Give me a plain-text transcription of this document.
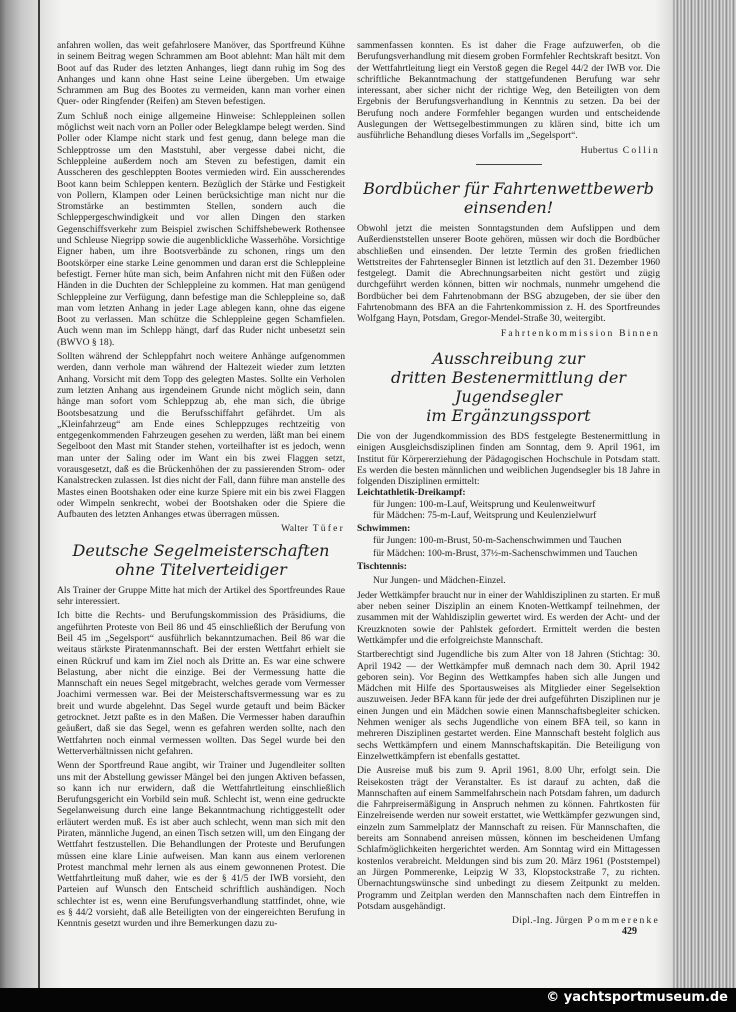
anfahren wollen, das weit gefahrlosere Manöver, das Sportfreund Kühne in seinem Beitrag wegen Schrammen am Boot ablehnt: Man hält mit dem Boot auf das Ruder des letzten Anhanges, liegt dann ruhig im Sog des Anhanges und kann ohne Hast seine Leine übergeben. Um etwaige Schrammen am Bug des Bootes zu vermeiden, kann man vorher einen Quer- oder Ringfender (Reifen) am Steven befestigen.

Zum Schluß noch einige allgemeine Hinweise: Schleppleinen sollen möglichst weit nach vorn an Poller oder Belegklampe belegt werden. Sind Poller oder Klampe nicht stark und fest genug, dann belege man die Schlepptrosse um den Maststuhl, aber vergesse dabei nicht, die Schleppleine außerdem noch am Steven zu befestigen, damit ein Ausscheren des geschleppten Bootes vermieden wird. Ein ausscherendes Boot kann beim Schleppen kentern. Bezüglich der Stärke und Festigkeit von Pollern, Klampen oder Leinen berücksichtige man nicht nur die Stromstärke an bestimmten Stellen, sondern auch die Schleppergeschwindigkeit und vor allen Dingen den starken Gegenschiffsverkehr zum Beispiel zwischen Schiffshebewerk Rothensee und Schleuse Niegripp sowie die augenblickliche Wasserhöhe. Vorsichtige Eigner haben, um ihre Bootsverbände zu schonen, rings um den Bootskörper eine starke Leine genommen und daran erst die Schleppleine befestigt. Ferner hüte man sich, beim Anfahren nicht mit den Füßen oder Händen in die Duchten der Schleppleine zu kommen. Hat man genügend Schleppleine zur Verfügung, dann befestige man die Schleppleine so, daß man vom letzten Anhang in jeder Lage ablegen kann, ohne das eigene Boot zu verlassen. Man schütze die Schleppleine gegen Schamfielen. Auch wenn man im Schlepp hängt, darf das Ruder nicht unbesetzt sein (BWVO § 18).

Sollten während der Schleppfahrt noch weitere Anhänge aufgenommen werden, dann verhole man während der Haltezeit wieder zum letzten Anhang. Vorsicht mit dem Topp des gelegten Mastes. Sollte ein Verholen zum letzten Anhang aus irgendeinem Grunde nicht möglich sein, dann hänge man sofort vom Schleppzug ab, ehe man sich, die übrige Bootsbesatzung und die Berufsschiffahrt gefährdet. Um als „Kleinfahrzeug“ am Ende eines Schleppzuges rechtzeitig von entgegenkommenden Fahrzeugen gesehen zu werden, läßt man bei einem Segelboot den Mast mit Stander stehen, vorteilhafter ist es jedoch, wenn man unter der Saling oder im Want ein bis zwei Flaggen setzt, vorausgesetzt, daß es die Brückenhöhen der zu passierenden Strom- oder Kanalstrecken zulassen. Ist dies nicht der Fall, dann führe man anstelle des Mastes einen Bootshaken oder eine kurze Spiere mit ein bis zwei Flaggen oder Wimpeln senkrecht, wobei der Bootshaken oder die Spiere die Aufbauten des letzten Anhanges etwas überragen müssen.

Walter Tüfer
Deutsche Segelmeisterschaften
ohne Titelverteidiger

Als Trainer der Gruppe Mitte hat mich der Artikel des Sportfreundes Raue sehr interessiert.

Ich bitte die Rechts- und Berufungskommission des Präsidiums, die angeführten Proteste von Beil 86 und 45 einschließlich der Berufung von Beil 45 im „Segelsport“ ausführlich bekanntzumachen. Beil 86 war die weitaus stärkste Piratenmannschaft. Bei der ersten Wettfahrt erhielt sie einen Rückruf und kam im Ziel noch als Dritte an. Es war eine schwere Belastung, aber nicht die einzige. Bei der Vermessung hatte die Mannschaft ein neues Segel mitgebracht, welches gerade vom Vermesser Joachimi vermessen war. Bei der Meisterschaftsvermessung war es zu breit und wurde abgelehnt. Das Segel wurde getauft und beim Bäcker getrocknet. Jetzt paßte es in den Maßen. Die Vermesser haben daraufhin geäußert, daß sie das Segel, wenn es gefahren werden sollte, nach den Wettfahrten noch einmal vermessen wollten. Das Segel wurde bei den Wetterverhältnissen nicht gefahren.

Wenn der Sportfreund Raue angibt, wir Trainer und Jugendleiter sollten uns mit der Abstellung gewisser Mängel bei den jungen Aktiven befassen, so kann ich nur erwidern, daß die Wettfahrtleitung einschließlich Berufungsgericht ein Vorbild sein muß. Schlecht ist, wenn eine gedruckte Segelanweisung durch eine lange Bekanntmachung richtiggestellt oder erläutert werden muß. Es ist aber auch schlecht, wenn man sich mit den Piraten, männliche Jugend, an einen Tisch setzen will, um den Eingang der Wettfahrt festzustellen. Die Behandlungen der Proteste und Berufungen müssen eine klare Linie aufweisen. Man kann aus einem verlorenen Protest manchmal mehr lernen als aus einem gewonnenen Protest. Die Wettfahrtleitung muß daher, wie es der § 41/5 der IWB vorsieht, den Parteien auf Wunsch den Entscheid schriftlich aushändigen. Noch schlechter ist es, wenn eine Berufungsverhandlung stattfindet, ohne, wie es § 44/2 vorsieht, daß alle Beteiligten von der eingereichten Berufung in Kenntnis gesetzt wurden und ihre Bemerkungen dazu zu-

sammenfassen konnten. Es ist daher die Frage aufzuwerfen, ob die Berufungsverhandlung mit diesem groben Formfehler Rechtskraft besitzt. Von der Wettfahrtleitung liegt ein Verstoß gegen die Regel 44/2 der IWB vor. Die schriftliche Bekanntmachung der stattgefundenen Berufung war sehr interessant, aber sicher nicht der richtige Weg, den Beteiligten von dem Ergebnis der Berufungsverhandlung in Kenntnis zu setzen. Da bei der Berufung noch andere Formfehler begangen wurden und entscheidende Auslegungen der Wettsegelbestimmungen zu klären sind, bitte ich um ausführliche Behandlung dieses Vorfalls im „Segelsport“.

Hubertus Collin
Bordbücher für Fahrtenwettbewerb
einsenden!

Obwohl jetzt die meisten Sonntagstunden dem Aufslippen und dem Außerdienststellen unserer Boote gehören, müssen wir doch die Bordbücher abschließen und einsenden. Der letzte Termin des großen friedlichen Wettstreites der Fahrtensegler Binnen ist letztlich auf den 31. Dezember 1960 festgelegt. Damit die Abrechnungsarbeiten nicht gestört und zügig durchgeführt werden können, bitten wir nochmals, nunmehr umgehend die Bordbücher bei dem Fahrtenobmann der BSG abzugeben, der sie über den Fahrtenobmann des BFA an die Fahrtenkommission z. H. des Sportfreundes Wolfgang Hayn, Potsdam, Gregor-Mendel-Straße 30, weitergibt.

Fahrtenkommission Binnen
Ausschreibung zur
dritten Bestenermittlung der Jugendsegler
im Ergänzungssport

Die von der Jugendkommission des BDS festgelegte Bestenermittlung in einigen Ausgleichsdisziplinen finden am Sonntag, dem 9. April 1961, im Institut für Körpererziehung der Pädagogischen Hochschule in Potsdam statt. Es werden die besten männlichen und weiblichen Jugendsegler bis 18 Jahre in folgenden Disziplinen ermittelt:

Leichtathletik-Dreikampf:
für Jungen: 100-m-Lauf, Weitsprung und Keulenweitwurf
für Mädchen: 75-m-Lauf, Weitsprung und Keulenzielwurf
Schwimmen:
für Jungen: 100-m-Brust, 50-m-Sachenschwimmen und Tauchen
für Mädchen: 100-m-Brust, 37½-m-Sachenschwimmen und Tauchen
Tischtennis:
Nur Jungen- und Mädchen-Einzel.

Jeder Wettkämpfer braucht nur in einer der Wahldisziplinen zu starten. Er muß aber neben seiner Disziplin an einem Knoten-Wettkampf teilnehmen, der zusammen mit der Wahldisziplin gewertet wird. Es werden der Acht- und der Kreuzknoten sowie der Pahlstek gefordert. Ermittelt werden die besten Wettkämpfer und die erfolgreichste Mannschaft.

Startberechtigt sind Jugendliche bis zum Alter von 18 Jahren (Stichtag: 30. April 1942 — der Wettkämpfer muß demnach nach dem 30. April 1942 geboren sein). Vor Beginn des Wettkampfes haben sich alle Jungen und Mädchen mit Hilfe des Sportausweises als Mitglieder einer Segelsektion auszuweisen. Jeder BFA kann für jede der drei aufgeführten Disziplinen nur je einen Jungen und ein Mädchen sowie einen Mannschaftsbegleiter schicken. Nehmen weniger als sechs Jugendliche von einem BFA teil, so kann in mehreren Disziplinen gestartet werden. Eine Mannschaft besteht folglich aus sechs Wettkämpfern und einem Mannschaftskapitän. Die Beteiligung von Einzelwettkämpfern ist ebenfalls gestattet.

Die Ausreise muß bis zum 9. April 1961, 8.00 Uhr, erfolgt sein. Die Reisekosten trägt der Veranstalter. Es ist darauf zu achten, daß die Mannschaften auf einem Sammelfahrschein nach Potsdam fahren, um dadurch die Fahrpreisermäßigung in Anspruch nehmen zu können. Fahrtkosten für Einzelreisende werden nur soweit erstattet, wie Wettkämpfer gezwungen sind, einzeln zum Sammelplatz der Mannschaft zu reisen. Für Mannschaften, die bereits am Sonnabend anreisen müssen, können im bescheidenen Umfang Schlafmöglichkeiten hergerichtet werden. Am Sonntag wird ein Mittagessen kostenlos verabreicht. Meldungen sind bis zum 20. März 1961 (Poststempel) an Jürgen Pommerenke, Leipzig W 33, Klopstockstraße 7, zu richten. Übernachtungswünsche sind unbedingt zu diesem Zeitpunkt zu melden. Programm und Zeitplan werden den Mannschaften nach dem Eintreffen in Potsdam ausgehändigt.

Dipl.-Ing. Jürgen Pommerenke
429
© yachtsportmuseum.de
